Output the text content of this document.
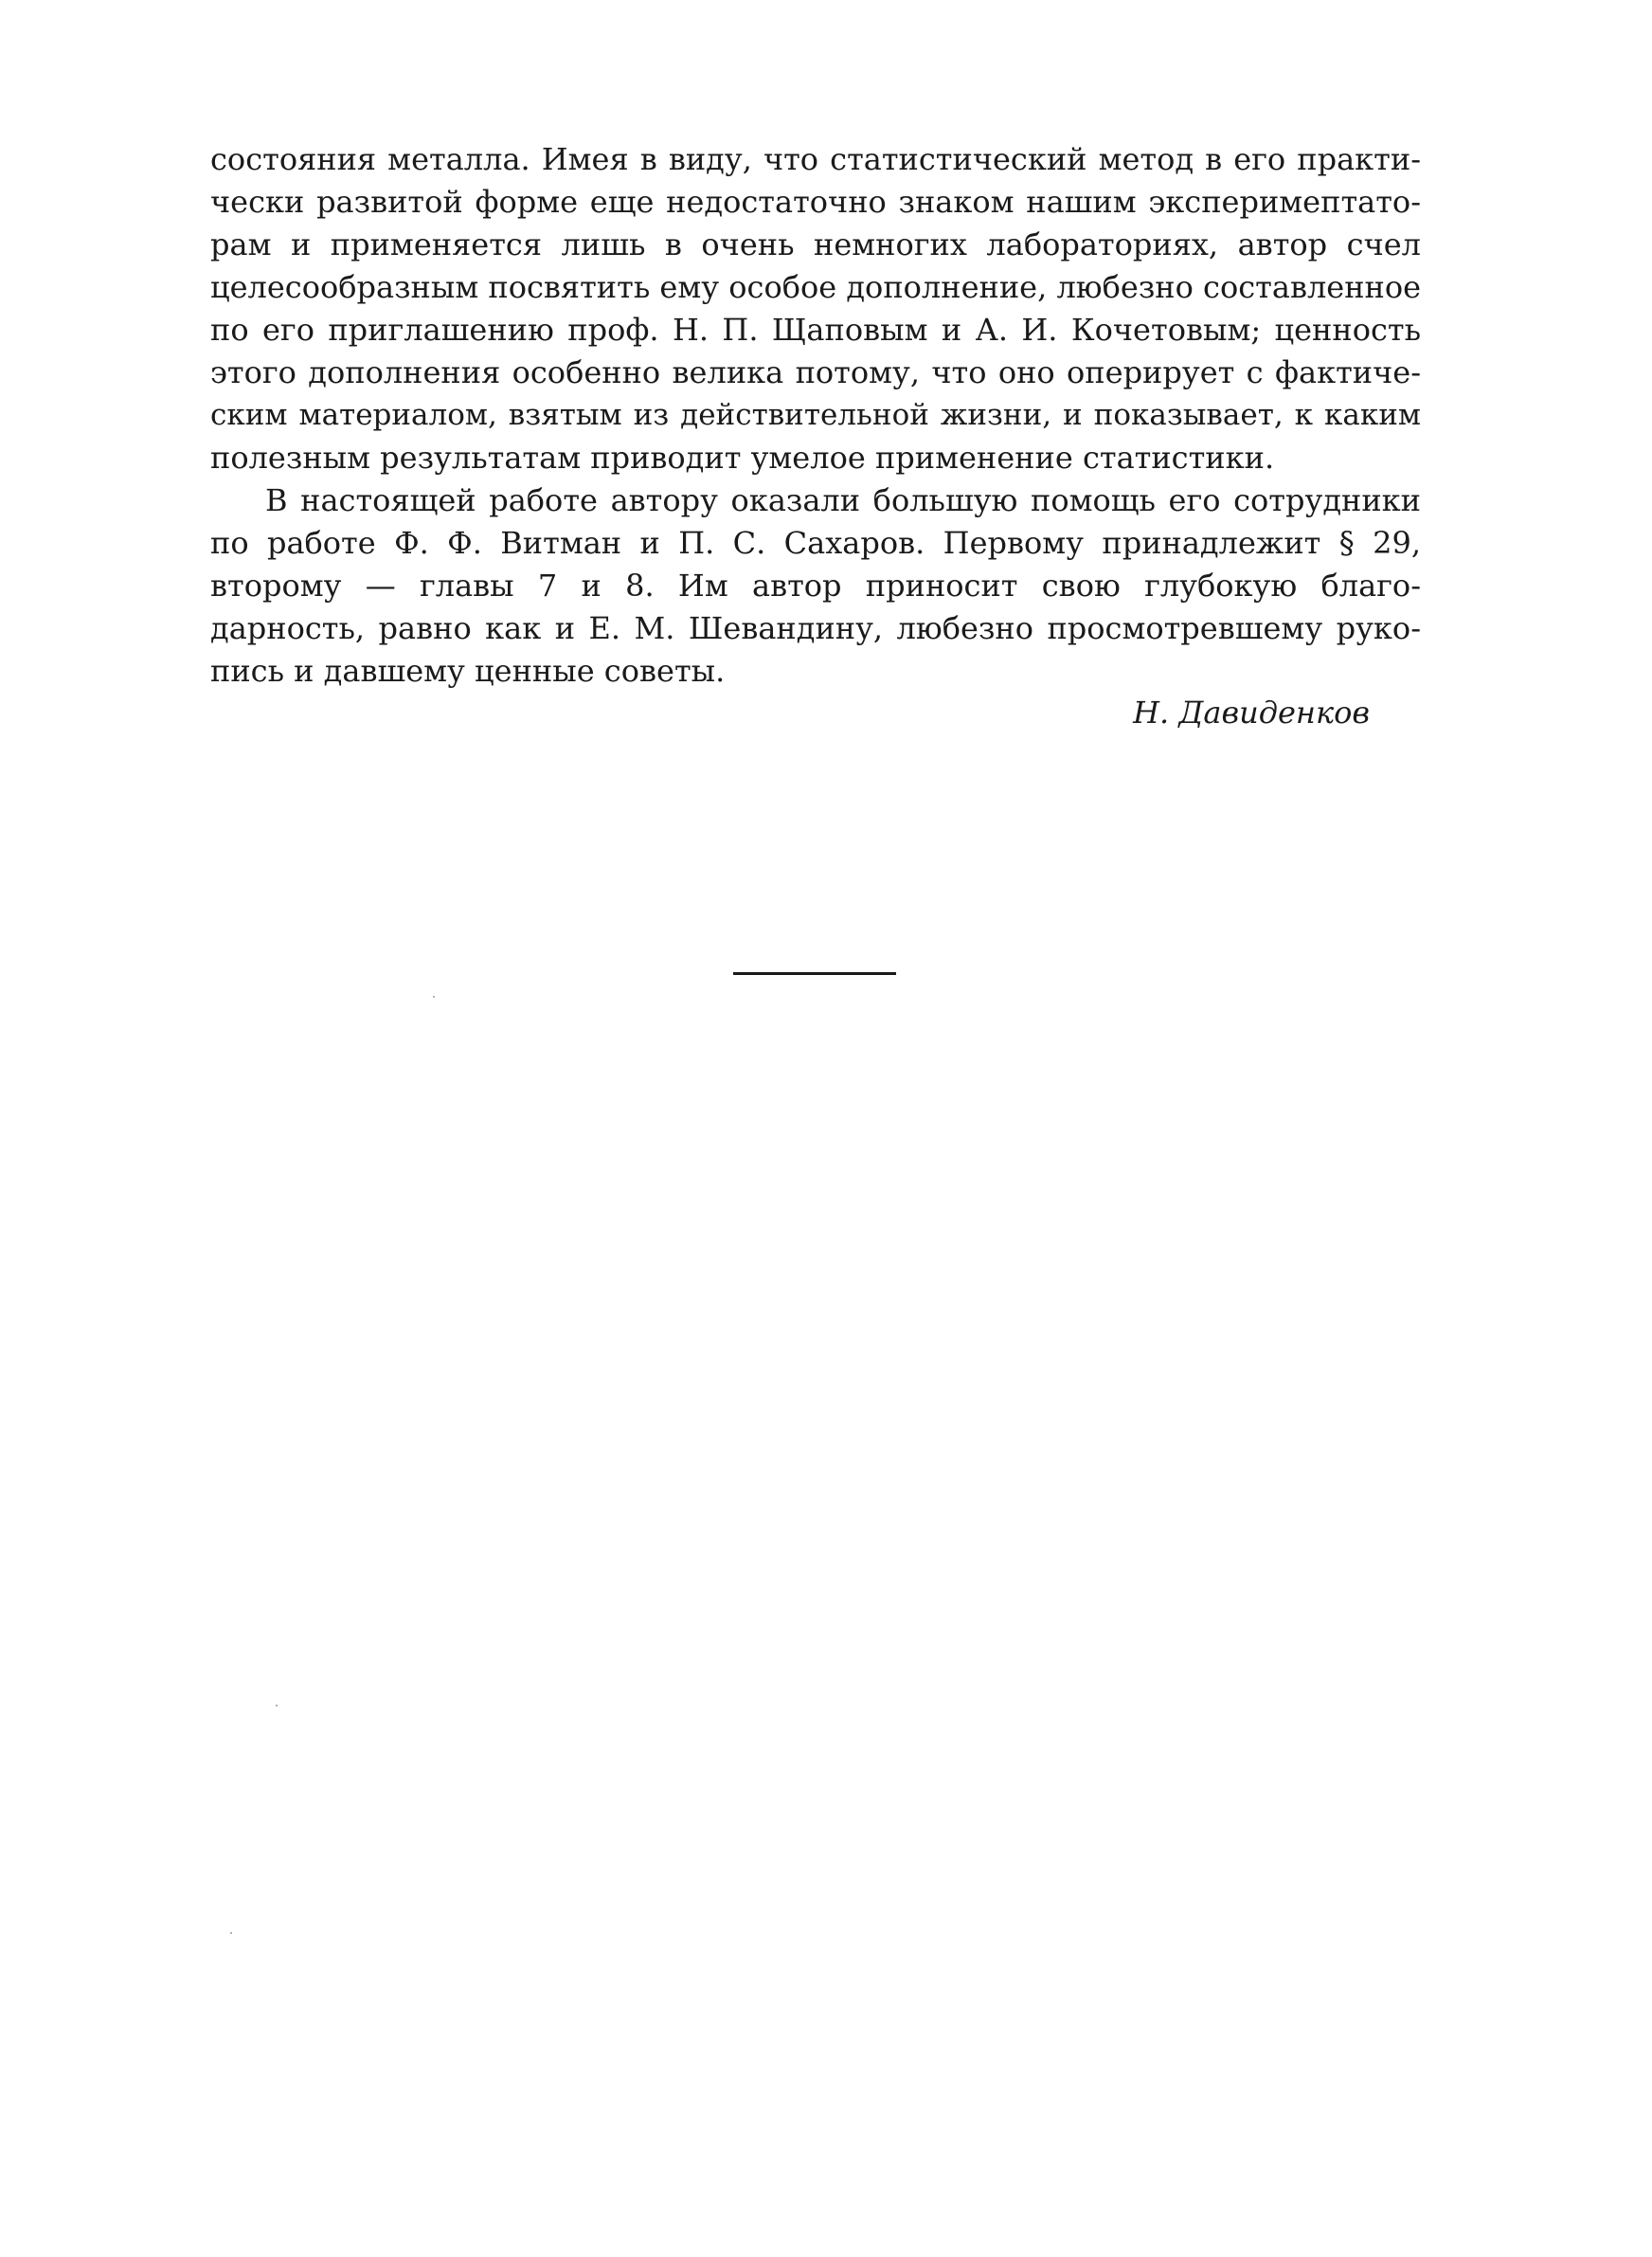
состояния металла. Имея в виду, что статистический метод в его практи-
чески развитой форме еще недостаточно знаком нашим эксперимептато-
рам и применяется лишь в очень немногих лабораториях, автор счел
целесообразным посвятить ему особое дополнение, любезно составленное
по его приглашению проф. Н. П. Щаповым и А. И. Кочетовым; ценность
этого дополнения особенно велика потому, что оно оперирует с фактиче-
ским материалом, взятым из действительной жизни, и показывает, к каким
полезным результатам приводит умелое применение статистики.
В настоящей работе автору оказали большую помощь его сотрудники
по работе Ф. Ф. Витман и П. С. Сахаров. Первому принадлежит § 29,
второму — главы 7 и 8. Им автор приносит свою глубокую благо-
дарность, равно как и Е. М. Шевандину, любезно просмотревшему руко-
пись и давшему ценные советы.
Н. Давиденков
